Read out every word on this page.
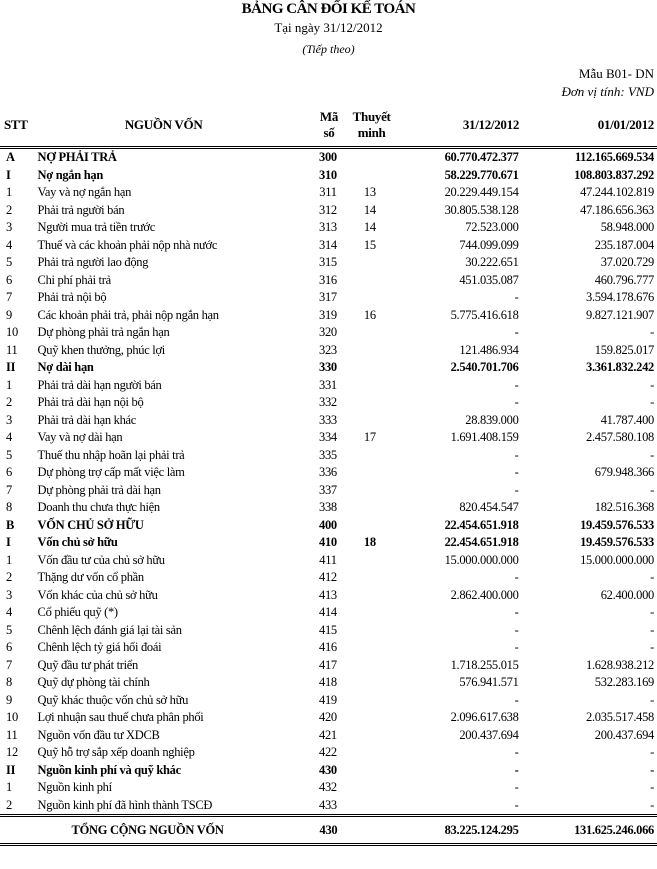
BẢNG CÂN ĐỐI KẾ TOÁN
Tại ngày 31/12/2012
(Tiếp theo)
Mẫu B01- DN
Đơn vị tính: VND
STT	NGUỒN VỐN	Mã số	Thuyết minh	31/12/2012	01/01/2012
A	NỢ PHẢI TRẢ	300		60.770.472.377	112.165.669.534
I	Nợ ngắn hạn	310		58.229.770.671	108.803.837.292
1	Vay và nợ ngắn hạn	311	13	20.229.449.154	47.244.102.819
2	Phải trả người bán	312	14	30.805.538.128	47.186.656.363
3	Người mua trả tiền trước	313	14	72.523.000	58.948.000
4	Thuế và các khoản phải nộp nhà nước	314	15	744.099.099	235.187.004
5	Phải trả người lao động	315		30.222.651	37.020.729
6	Chi phí phải trả	316		451.035.087	460.796.777
7	Phải trả nội bộ	317		-	3.594.178.676
9	Các khoản phải trả, phải nộp ngắn hạn	319	16	5.775.416.618	9.827.121.907
10	Dự phòng phải trả ngắn hạn	320		-	-
11	Quỹ khen thưởng, phúc lợi	323		121.486.934	159.825.017
II	Nợ dài hạn	330		2.540.701.706	3.361.832.242
1	Phải trả dài hạn người bán	331		-	-
2	Phải trả dài hạn nội bộ	332		-	-
3	Phải trả dài hạn khác	333		28.839.000	41.787.400
4	Vay và nợ dài hạn	334	17	1.691.408.159	2.457.580.108
5	Thuế thu nhập hoãn lại phải trả	335		-	-
6	Dự phòng trợ cấp mất việc làm	336		-	679.948.366
7	Dự phòng phải trả dài hạn	337		-	-
8	Doanh thu chưa thực hiện	338		820.454.547	182.516.368
B	VỐN CHỦ SỞ HỮU	400		22.454.651.918	19.459.576.533
I	Vốn chủ sở hữu	410	18	22.454.651.918	19.459.576.533
1	Vốn đầu tư của chủ sở hữu	411		15.000.000.000	15.000.000.000
2	Thặng dư vốn cổ phần	412		-	-
3	Vốn khác của chủ sở hữu	413		2.862.400.000	62.400.000
4	Cổ phiếu quỹ (*)	414		-	-
5	Chênh lệch đánh giá lại tài sản	415		-	-
6	Chênh lệch tỷ giá hối đoái	416		-	-
7	Quỹ đầu tư phát triển	417		1.718.255.015	1.628.938.212
8	Quỹ dự phòng tài chính	418		576.941.571	532.283.169
9	Quỹ khác thuộc vốn chủ sở hữu	419		-	-
10	Lợi nhuận sau thuế chưa phân phối	420		2.096.617.638	2.035.517.458
11	Nguồn vốn đầu tư XDCB	421		200.437.694	200.437.694
12	Quỹ hỗ trợ sắp xếp doanh nghiệp	422		-	-
II	Nguồn kinh phí và quỹ khác	430		-	-
1	Nguồn kinh phí	432		-	-
2	Nguồn kinh phí đã hình thành TSCĐ	433		-	-
	TỔNG CỘNG NGUỒN VỐN	430		83.225.124.295	131.625.246.066
